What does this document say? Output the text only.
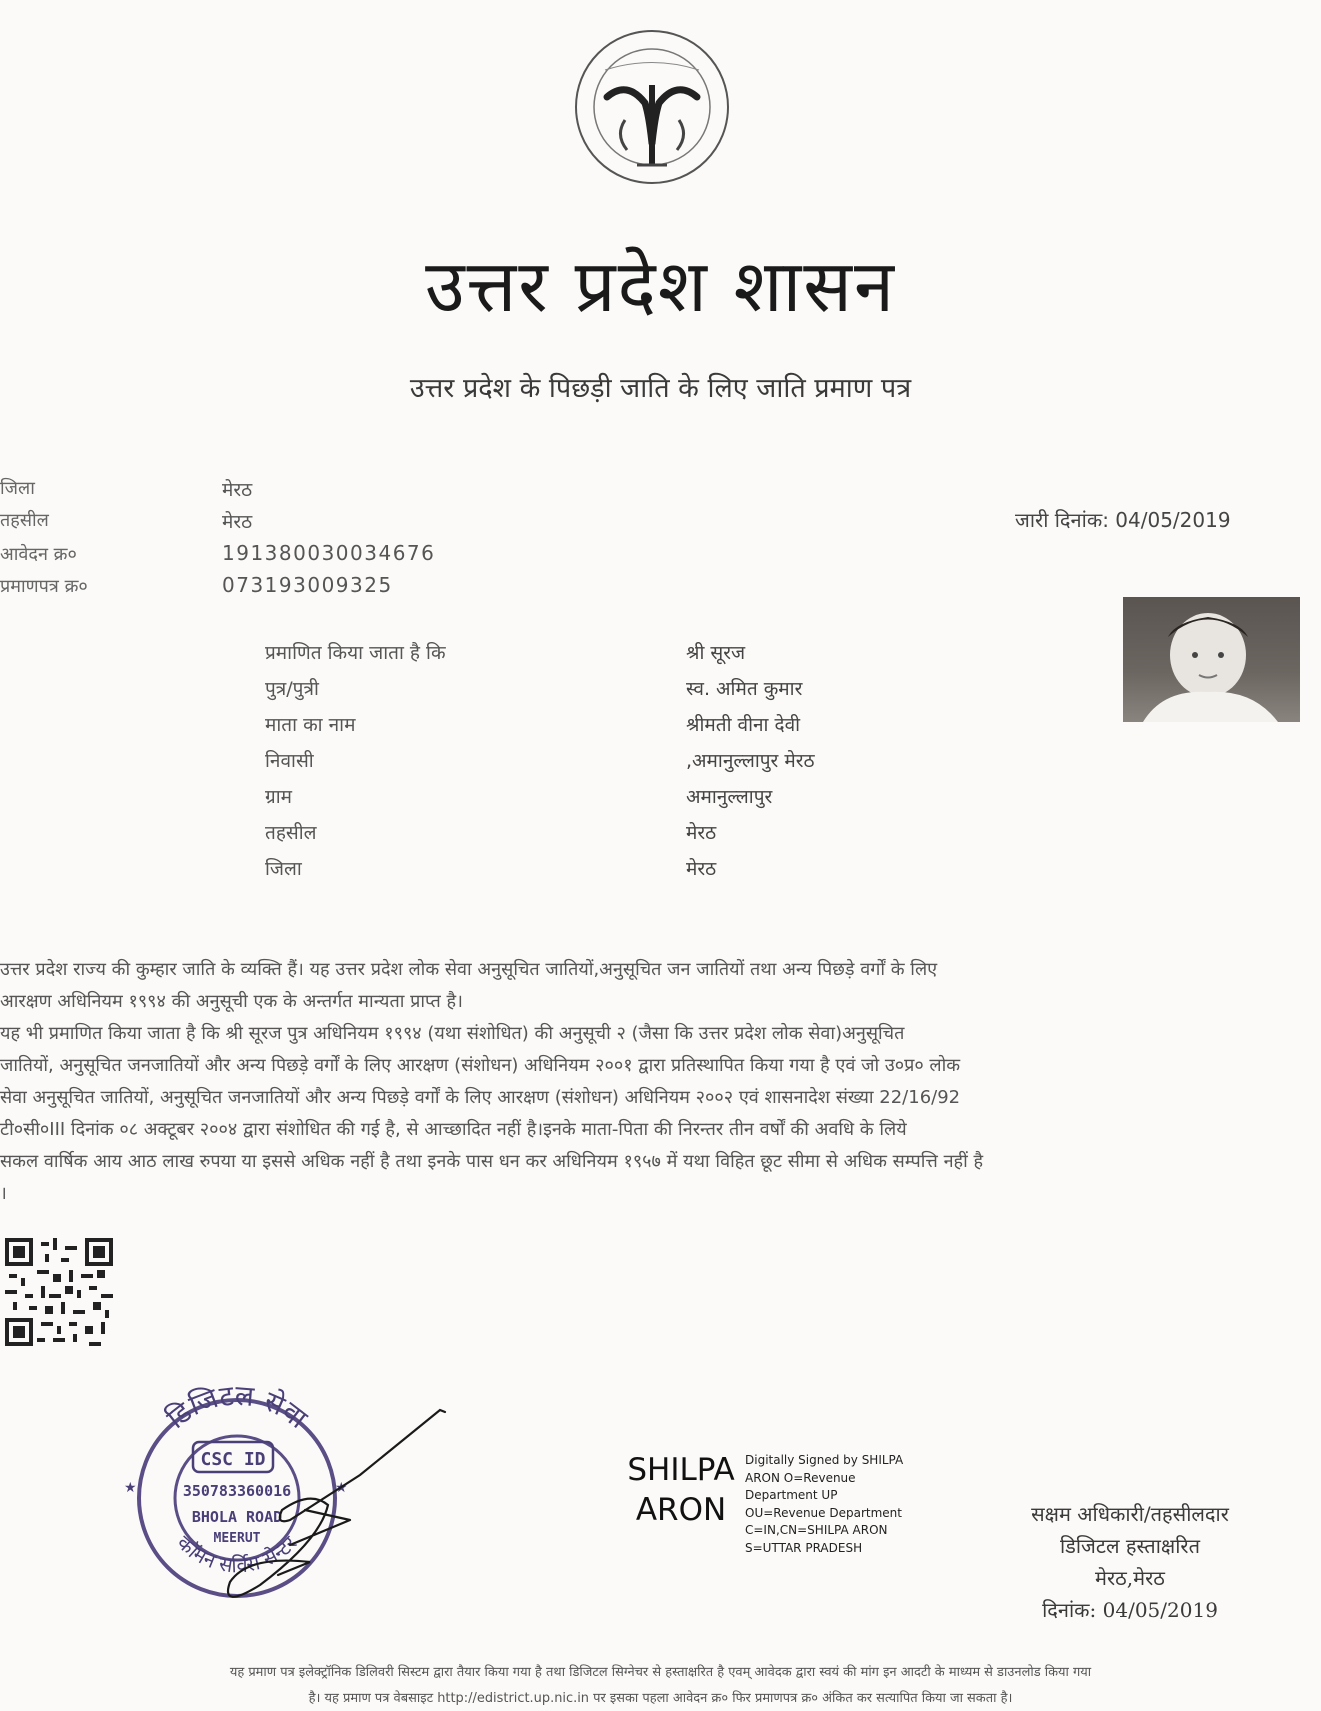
उत्तर प्रदेश शासन
उत्तर प्रदेश के पिछड़ी जाति के लिए जाति प्रमाण पत्र
जिला	मेरठ
तहसील	मेरठ
आवेदन क्र०	191380030034676
प्रमाणपत्र क्र०	073193009325
जारी दिनांक: 04/05/2019
प्रमाणित किया जाता है कि	श्री सूरज
पुत्र/पुत्री	स्व. अमित कुमार
माता का नाम	श्रीमती वीना देवी
निवासी	,अमानुल्लापुर मेरठ
ग्राम	अमानुल्लापुर
तहसील	मेरठ
जिला	मेरठ
उत्तर प्रदेश राज्य की कुम्हार जाति के व्यक्ति हैं। यह उत्तर प्रदेश लोक सेवा अनुसूचित जातियों,अनुसूचित जन जातियों तथा अन्य पिछड़े वर्गों के लिए
आरक्षण अधिनियम १९९४ की अनुसूची एक के अन्तर्गत मान्यता प्राप्त है।
यह भी प्रमाणित किया जाता है कि श्री सूरज पुत्र अधिनियम १९९४ (यथा संशोधित) की अनुसूची २ (जैसा कि उत्तर प्रदेश लोक सेवा)अनुसूचित
जातियों, अनुसूचित जनजातियों और अन्य पिछड़े वर्गों के लिए आरक्षण (संशोधन) अधिनियम २००१ द्वारा प्रतिस्थापित किया गया है एवं जो उ०प्र० लोक
सेवा अनुसूचित जातियों, अनुसूचित जनजातियों और अन्य पिछड़े वर्गों के लिए आरक्षण (संशोधन) अधिनियम २००२ एवं शासनादेश संख्या 22/16/92
टी०सी०III दिनांक ०८ अक्टूबर २००४ द्वारा संशोधित की गई है, से आच्छादित नहीं है।इनके माता-पिता की निरन्तर तीन वर्षों की अवधि के लिये
सकल वार्षिक आय आठ लाख रुपया या इससे अधिक नहीं है तथा इनके पास धन कर अधिनियम १९५७ में यथा विहित छूट सीमा से अधिक सम्पत्ति नहीं है
।
डिजिटल सेवा
कॉमन सर्विस सेन्टर
CSC ID
350783360016
BHOLA ROAD
MEERUT
★	★	SHILPA
ARON
Digitally Signed by SHILPA
ARON O=Revenue
Department UP
OU=Revenue Department
C=IN,CN=SHILPA ARON
S=UTTAR PRADESH
सक्षम अधिकारी/तहसीलदार
डिजिटल हस्ताक्षरित
मेरठ,मेरठ
दिनांक: 04/05/2019
यह प्रमाण पत्र इलेक्ट्रॉनिक डिलिवरी सिस्टम द्वारा तैयार किया गया है तथा डिजिटल सिग्नेचर से हस्ताक्षरित है एवम् आवेदक द्वारा स्वयं की मांग इन आदटी के माध्यम से डाउनलोड किया गया
है। यह प्रमाण पत्र वेबसाइट http://edistrict.up.nic.in पर इसका पहला आवेदन क्र० फिर प्रमाणपत्र क्र० अंकित कर सत्यापित किया जा सकता है।
